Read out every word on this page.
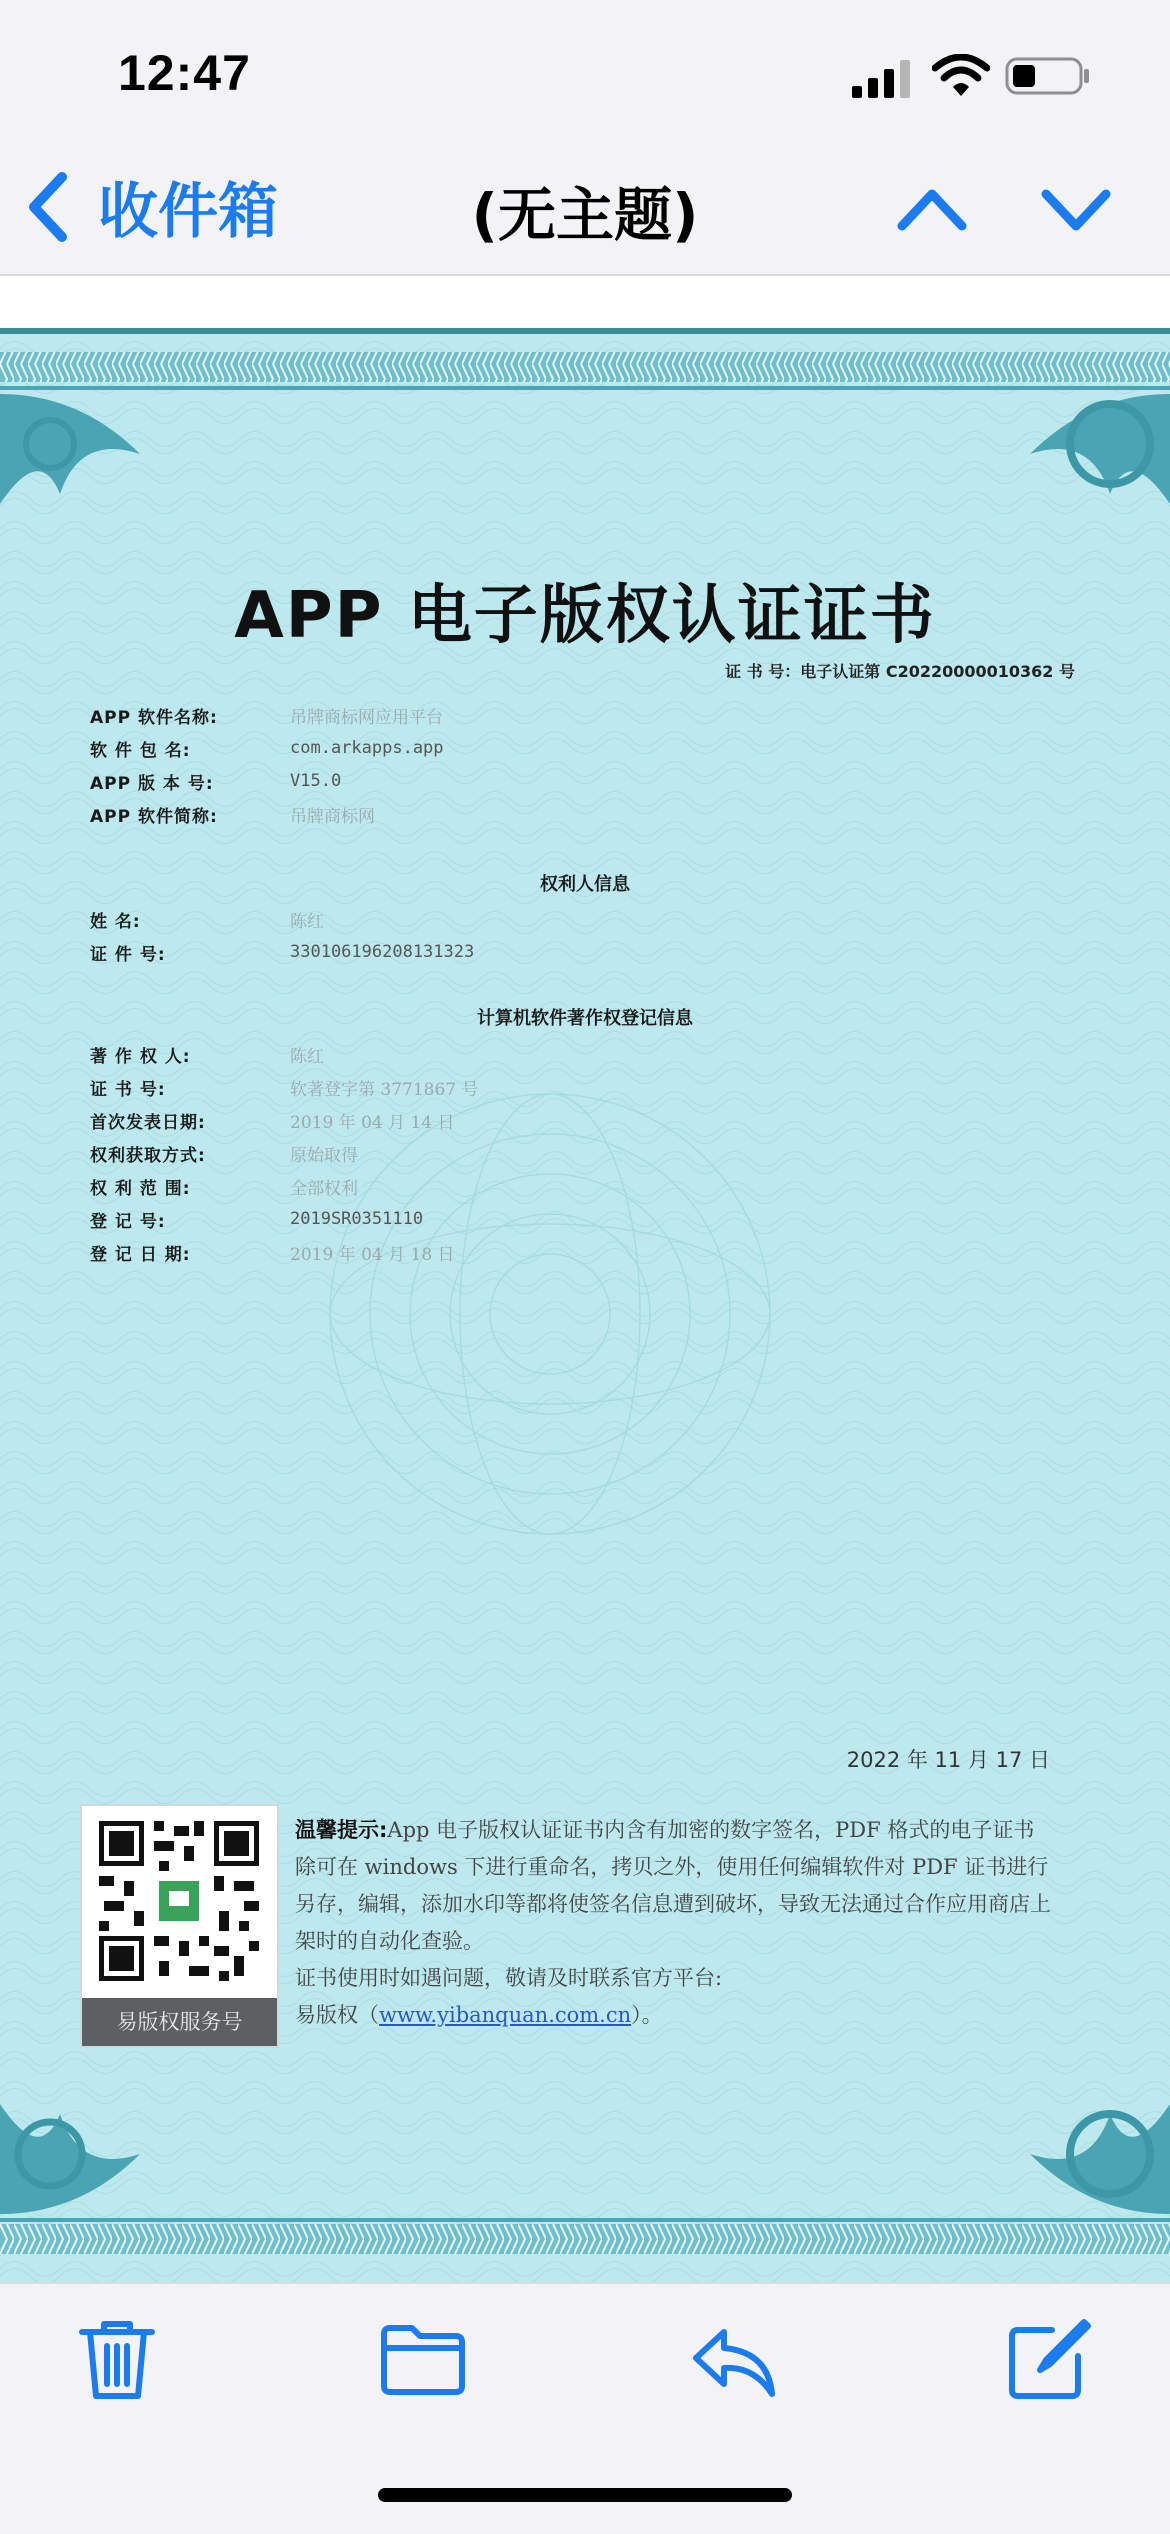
12:47
收件箱	(无主题)
APP 电子版权认证证书
证 书 号：电子认证第 C20220000010362 号
APP 软件名称:	吊牌商标网应用平台
软 件 包 名:	com.arkapps.app
APP 版 本 号:	V15.0
APP 软件简称:	吊牌商标网
权利人信息
姓 名:	陈红
证 件 号:	330106196208131323
计算机软件著作权登记信息
著 作 权 人:	陈红
证 书 号:	软著登字第 3771867 号
首次发表日期:	2019 年 04 月 14 日
权利获取方式:	原始取得
权 利 范 围:	全部权利
登 记 号:	2019SR0351110
登 记 日 期:	2019 年 04 月 18 日
2022 年 11 月 17 日
易版权服务号
温馨提示:App 电子版权认证证书内含有加密的数字签名，PDF 格式的电子证书除可在 windows 下进行重命名，拷贝之外，使用任何编辑软件对 PDF 证书进行另存，编辑，添加水印等都将使签名信息遭到破坏，导致无法通过合作应用商店上架时的自动化查验。
证书使用时如遇问题，敬请及时联系官方平台:
易版权（www.yibanquan.com.cn）。
